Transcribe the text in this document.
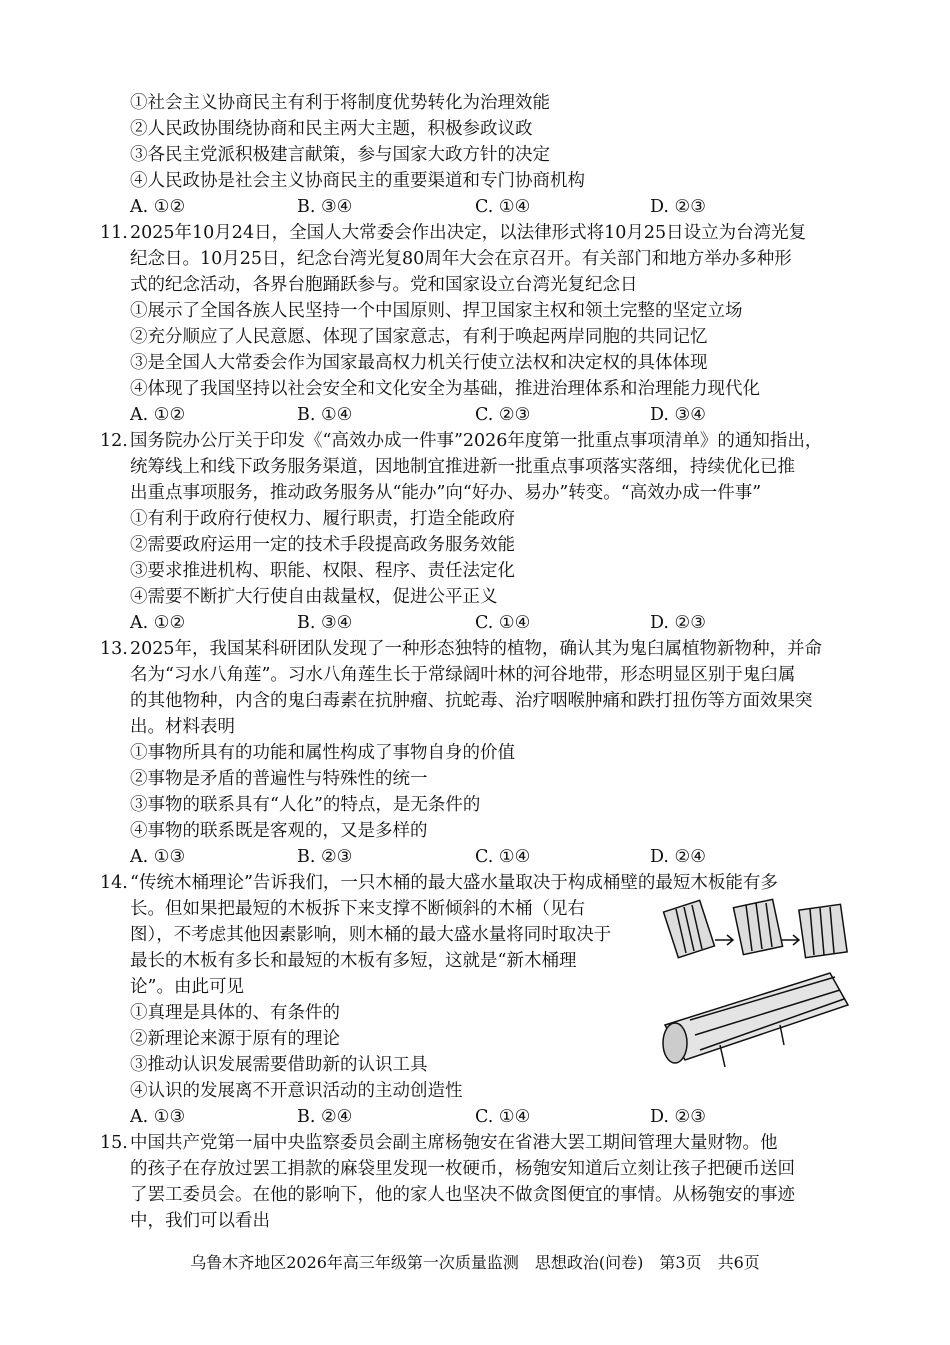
①社会主义协商民主有利于将制度优势转化为治理效能
②人民政协围绕协商和民主两大主题，积极参政议政
③各民主党派积极建言献策，参与国家大政方针的决定
④人民政协是社会主义协商民主的重要渠道和专门协商机构
A. ①②	B. ③④	C. ①④	D. ②③
2025年10月24日，全国人大常委会作出决定，以法律形式将10月25日设立为台湾光复
11.
纪念日。10月25日，纪念台湾光复80周年大会在京召开。有关部门和地方举办多种形
式的纪念活动，各界台胞踊跃参与。党和国家设立台湾光复纪念日
①展示了全国各族人民坚持一个中国原则、捍卫国家主权和领土完整的坚定立场
②充分顺应了人民意愿、体现了国家意志，有利于唤起两岸同胞的共同记忆
③是全国人大常委会作为国家最高权力机关行使立法权和决定权的具体体现
④体现了我国坚持以社会安全和文化安全为基础，推进治理体系和治理能力现代化
A. ①②	B. ①④	C. ②③	D. ③④
国务院办公厅关于印发《“高效办成一件事”2026年度第一批重点事项清单》的通知指出，
12.
统筹线上和线下政务服务渠道，因地制宜推进新一批重点事项落实落细，持续优化已推
出重点事项服务，推动政务服务从“能办”向“好办、易办”转变。“高效办成一件事”
①有利于政府行使权力、履行职责，打造全能政府
②需要政府运用一定的技术手段提高政务服务效能
③要求推进机构、职能、权限、程序、责任法定化
④需要不断扩大行使自由裁量权，促进公平正义
A. ①②	B. ③④	C. ①④	D. ②③
2025年，我国某科研团队发现了一种形态独特的植物，确认其为鬼臼属植物新物种，并命
13.
名为“习水八角莲”。习水八角莲生长于常绿阔叶林的河谷地带，形态明显区别于鬼臼属
的其他物种，内含的鬼臼毒素在抗肿瘤、抗蛇毒、治疗咽喉肿痛和跌打扭伤等方面效果突
出。材料表明
①事物所具有的功能和属性构成了事物自身的价值
②事物是矛盾的普遍性与特殊性的统一
③事物的联系具有“人化”的特点，是无条件的
④事物的联系既是客观的，又是多样的
A. ①③	B. ②③	C. ①④	D. ②④
“传统木桶理论”告诉我们，一只木桶的最大盛水量取决于构成桶壁的最短木板能有多
14.
长。但如果把最短的木板拆下来支撑不断倾斜的木桶（见右
图），不考虑其他因素影响，则木桶的最大盛水量将同时取决于
最长的木板有多长和最短的木板有多短，这就是“新木桶理
论”。由此可见
①真理是具体的、有条件的
②新理论来源于原有的理论
③推动认识发展需要借助新的认识工具
④认识的发展离不开意识活动的主动创造性
A. ①③	B. ②④	C. ①④	D. ②③
中国共产党第一届中央监察委员会副主席杨匏安在省港大罢工期间管理大量财物。他
15.
的孩子在存放过罢工捐款的麻袋里发现一枚硬币，杨匏安知道后立刻让孩子把硬币送回
了罢工委员会。在他的影响下，他的家人也坚决不做贪图便宜的事情。从杨匏安的事迹
中，我们可以看出
乌鲁木齐地区2026年高三年级第一次质量监测　思想政治(问卷)　第3页　共6页
